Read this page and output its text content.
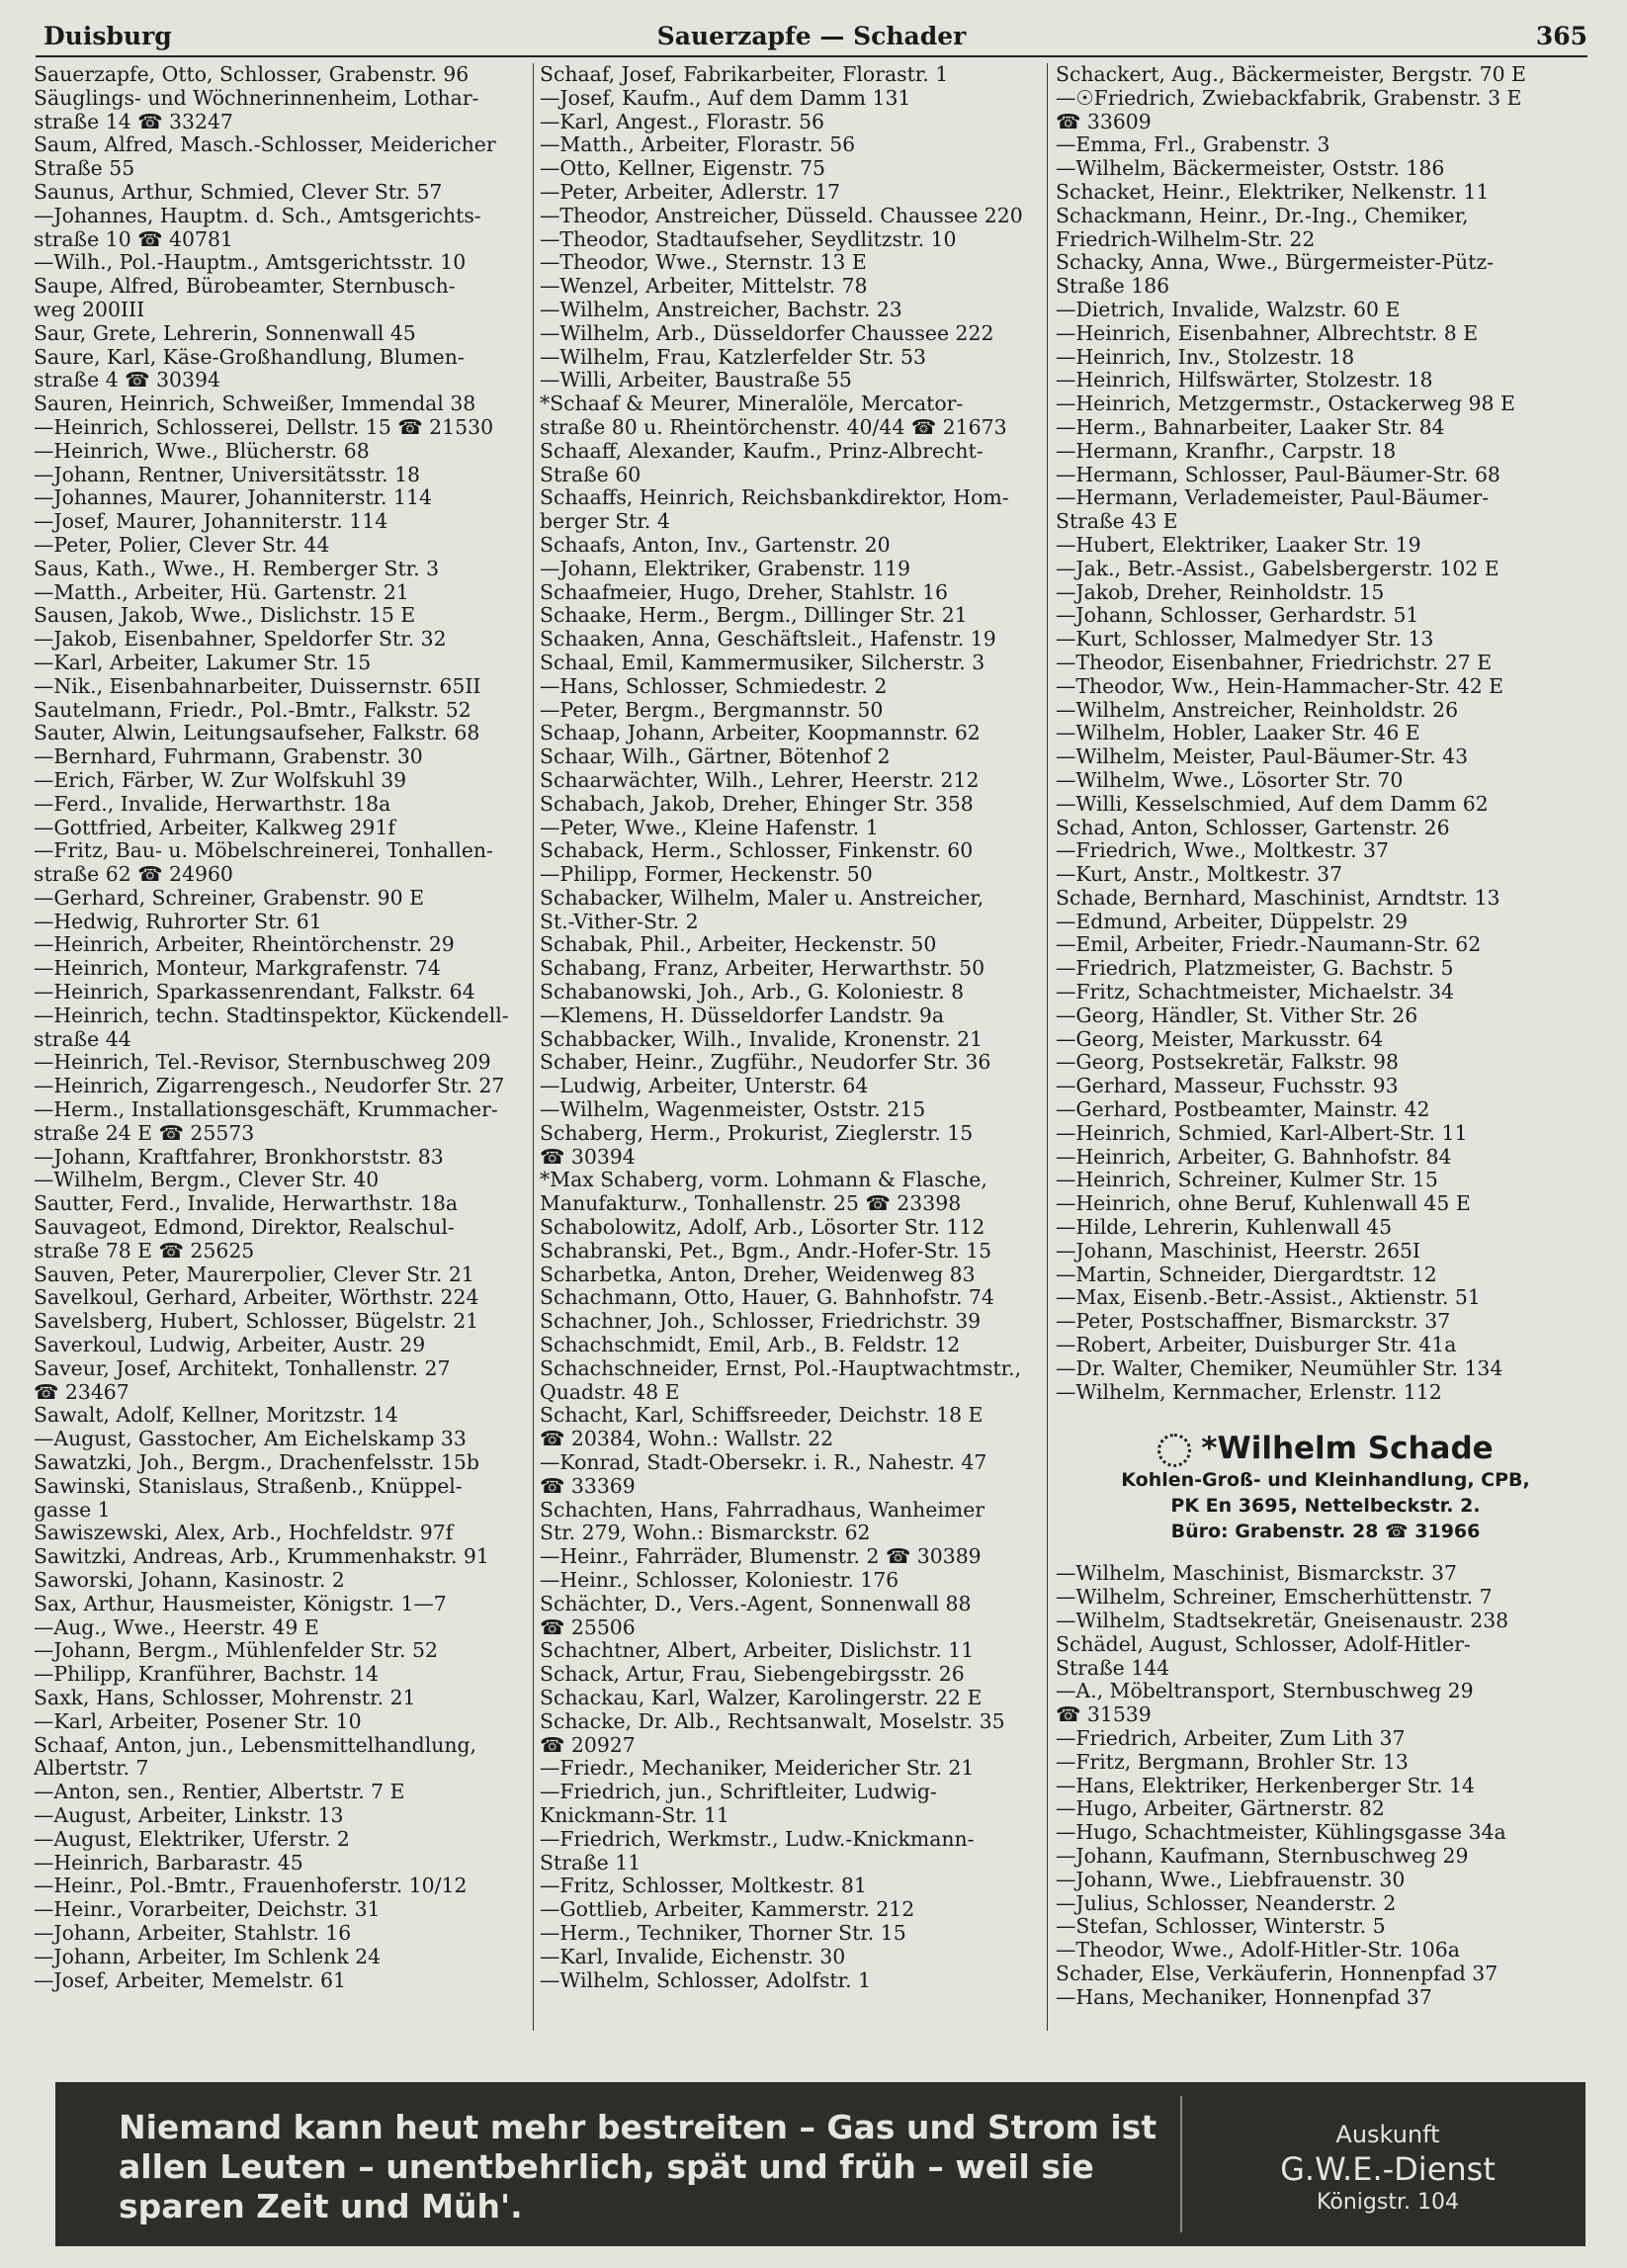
Duisburg	Sauerzapfe — Schader	365
Sauerzapfe, Otto, Schlosser, Grabenstr. 96
Säuglings- und Wöchnerinnenheim, Lothar-
straße 14 ☎ 33247
Saum, Alfred, Masch.-Schlosser, Meidericher
Straße 55
Saunus, Arthur, Schmied, Clever Str. 57
—Johannes, Hauptm. d. Sch., Amtsgerichts-
straße 10 ☎ 40781
—Wilh., Pol.-Hauptm., Amtsgerichtsstr. 10
Saupe, Alfred, Bürobeamter, Sternbusch-
weg 200III
Saur, Grete, Lehrerin, Sonnenwall 45
Saure, Karl, Käse-Großhandlung, Blumen-
straße 4 ☎ 30394
Sauren, Heinrich, Schweißer, Immendal 38
—Heinrich, Schlosserei, Dellstr. 15 ☎ 21530
—Heinrich, Wwe., Blücherstr. 68
—Johann, Rentner, Universitätsstr. 18
—Johannes, Maurer, Johanniterstr. 114
—Josef, Maurer, Johanniterstr. 114
—Peter, Polier, Clever Str. 44
Saus, Kath., Wwe., H. Remberger Str. 3
—Matth., Arbeiter, Hü. Gartenstr. 21
Sausen, Jakob, Wwe., Dislichstr. 15 E
—Jakob, Eisenbahner, Speldorfer Str. 32
—Karl, Arbeiter, Lakumer Str. 15
—Nik., Eisenbahnarbeiter, Duissernstr. 65II
Sautelmann, Friedr., Pol.-Bmtr., Falkstr. 52
Sauter, Alwin, Leitungsaufseher, Falkstr. 68
—Bernhard, Fuhrmann, Grabenstr. 30
—Erich, Färber, W. Zur Wolfskuhl 39
—Ferd., Invalide, Herwarthstr. 18a
—Gottfried, Arbeiter, Kalkweg 291f
—Fritz, Bau- u. Möbelschreinerei, Tonhallen-
straße 62 ☎ 24960
—Gerhard, Schreiner, Grabenstr. 90 E
—Hedwig, Ruhrorter Str. 61
—Heinrich, Arbeiter, Rheintörchenstr. 29
—Heinrich, Monteur, Markgrafenstr. 74
—Heinrich, Sparkassenrendant, Falkstr. 64
—Heinrich, techn. Stadtinspektor, Kückendell-
straße 44
—Heinrich, Tel.-Revisor, Sternbuschweg 209
—Heinrich, Zigarrengesch., Neudorfer Str. 27
—Herm., Installationsgeschäft, Krummacher-
straße 24 E ☎ 25573
—Johann, Kraftfahrer, Bronkhorststr. 83
—Wilhelm, Bergm., Clever Str. 40
Sautter, Ferd., Invalide, Herwarthstr. 18a
Sauvageot, Edmond, Direktor, Realschul-
straße 78 E ☎ 25625
Sauven, Peter, Maurerpolier, Clever Str. 21
Savelkoul, Gerhard, Arbeiter, Wörthstr. 224
Savelsberg, Hubert, Schlosser, Bügelstr. 21
Saverkoul, Ludwig, Arbeiter, Austr. 29
Saveur, Josef, Architekt, Tonhallenstr. 27
☎ 23467
Sawalt, Adolf, Kellner, Moritzstr. 14
—August, Gasstocher, Am Eichelskamp 33
Sawatzki, Joh., Bergm., Drachenfelsstr. 15b
Sawinski, Stanislaus, Straßenb., Knüppel-
gasse 1
Sawiszewski, Alex, Arb., Hochfeldstr. 97f
Sawitzki, Andreas, Arb., Krummenhakstr. 91
Saworski, Johann, Kasinostr. 2
Sax, Arthur, Hausmeister, Königstr. 1—7
—Aug., Wwe., Heerstr. 49 E
—Johann, Bergm., Mühlenfelder Str. 52
—Philipp, Kranführer, Bachstr. 14
Saxk, Hans, Schlosser, Mohrenstr. 21
—Karl, Arbeiter, Posener Str. 10
Schaaf, Anton, jun., Lebensmittelhandlung,
Albertstr. 7
—Anton, sen., Rentier, Albertstr. 7 E
—August, Arbeiter, Linkstr. 13
—August, Elektriker, Uferstr. 2
—Heinrich, Barbarastr. 45
—Heinr., Pol.-Bmtr., Frauenhoferstr. 10/12
—Heinr., Vorarbeiter, Deichstr. 31
—Johann, Arbeiter, Stahlstr. 16
—Johann, Arbeiter, Im Schlenk 24
—Josef, Arbeiter, Memelstr. 61
Schaaf, Josef, Fabrikarbeiter, Florastr. 1
—Josef, Kaufm., Auf dem Damm 131
—Karl, Angest., Florastr. 56
—Matth., Arbeiter, Florastr. 56
—Otto, Kellner, Eigenstr. 75
—Peter, Arbeiter, Adlerstr. 17
—Theodor, Anstreicher, Düsseld. Chaussee 220
—Theodor, Stadtaufseher, Seydlitzstr. 10
—Theodor, Wwe., Sternstr. 13 E
—Wenzel, Arbeiter, Mittelstr. 78
—Wilhelm, Anstreicher, Bachstr. 23
—Wilhelm, Arb., Düsseldorfer Chaussee 222
—Wilhelm, Frau, Katzlerfelder Str. 53
—Willi, Arbeiter, Baustraße 55
*Schaaf & Meurer, Mineralöle, Mercator-
straße 80 u. Rheintörchenstr. 40/44 ☎ 21673
Schaaff, Alexander, Kaufm., Prinz-Albrecht-
Straße 60
Schaaffs, Heinrich, Reichsbankdirektor, Hom-
berger Str. 4
Schaafs, Anton, Inv., Gartenstr. 20
—Johann, Elektriker, Grabenstr. 119
Schaafmeier, Hugo, Dreher, Stahlstr. 16
Schaake, Herm., Bergm., Dillinger Str. 21
Schaaken, Anna, Geschäftsleit., Hafenstr. 19
Schaal, Emil, Kammermusiker, Silcherstr. 3
—Hans, Schlosser, Schmiedestr. 2
—Peter, Bergm., Bergmannstr. 50
Schaap, Johann, Arbeiter, Koopmannstr. 62
Schaar, Wilh., Gärtner, Bötenhof 2
Schaarwächter, Wilh., Lehrer, Heerstr. 212
Schabach, Jakob, Dreher, Ehinger Str. 358
—Peter, Wwe., Kleine Hafenstr. 1
Schaback, Herm., Schlosser, Finkenstr. 60
—Philipp, Former, Heckenstr. 50
Schabacker, Wilhelm, Maler u. Anstreicher,
St.-Vither-Str. 2
Schabak, Phil., Arbeiter, Heckenstr. 50
Schabang, Franz, Arbeiter, Herwarthstr. 50
Schabanowski, Joh., Arb., G. Koloniestr. 8
—Klemens, H. Düsseldorfer Landstr. 9a
Schabbacker, Wilh., Invalide, Kronenstr. 21
Schaber, Heinr., Zugführ., Neudorfer Str. 36
—Ludwig, Arbeiter, Unterstr. 64
—Wilhelm, Wagenmeister, Oststr. 215
Schaberg, Herm., Prokurist, Zieglerstr. 15
☎ 30394
*Max Schaberg, vorm. Lohmann & Flasche,
Manufakturw., Tonhallenstr. 25 ☎ 23398
Schabolowitz, Adolf, Arb., Lösorter Str. 112
Schabranski, Pet., Bgm., Andr.-Hofer-Str. 15
Scharbetka, Anton, Dreher, Weidenweg 83
Schachmann, Otto, Hauer, G. Bahnhofstr. 74
Schachner, Joh., Schlosser, Friedrichstr. 39
Schachschmidt, Emil, Arb., B. Feldstr. 12
Schachschneider, Ernst, Pol.-Hauptwachtmstr.,
Quadstr. 48 E
Schacht, Karl, Schiffsreeder, Deichstr. 18 E
☎ 20384, Wohn.: Wallstr. 22
—Konrad, Stadt-Obersekr. i. R., Nahestr. 47
☎ 33369
Schachten, Hans, Fahrradhaus, Wanheimer
Str. 279, Wohn.: Bismarckstr. 62
—Heinr., Fahrräder, Blumenstr. 2 ☎ 30389
—Heinr., Schlosser, Koloniestr. 176
Schächter, D., Vers.-Agent, Sonnenwall 88
☎ 25506
Schachtner, Albert, Arbeiter, Dislichstr. 11
Schack, Artur, Frau, Siebengebirgsstr. 26
Schackau, Karl, Walzer, Karolingerstr. 22 E
Schacke, Dr. Alb., Rechtsanwalt, Moselstr. 35
☎ 20927
—Friedr., Mechaniker, Meidericher Str. 21
—Friedrich, jun., Schriftleiter, Ludwig-
Knickmann-Str. 11
—Friedrich, Werkmstr., Ludw.-Knickmann-
Straße 11
—Fritz, Schlosser, Moltkestr. 81
—Gottlieb, Arbeiter, Kammerstr. 212
—Herm., Techniker, Thorner Str. 15
—Karl, Invalide, Eichenstr. 30
—Wilhelm, Schlosser, Adolfstr. 1
Schackert, Aug., Bäckermeister, Bergstr. 70 E
—☉Friedrich, Zwiebackfabrik, Grabenstr. 3 E
☎ 33609
—Emma, Frl., Grabenstr. 3
—Wilhelm, Bäckermeister, Oststr. 186
Schacket, Heinr., Elektriker, Nelkenstr. 11
Schackmann, Heinr., Dr.-Ing., Chemiker,
Friedrich-Wilhelm-Str. 22
Schacky, Anna, Wwe., Bürgermeister-Pütz-
Straße 186
—Dietrich, Invalide, Walzstr. 60 E
—Heinrich, Eisenbahner, Albrechtstr. 8 E
—Heinrich, Inv., Stolzestr. 18
—Heinrich, Hilfswärter, Stolzestr. 18
—Heinrich, Metzgermstr., Ostackerweg 98 E
—Herm., Bahnarbeiter, Laaker Str. 84
—Hermann, Kranfhr., Carpstr. 18
—Hermann, Schlosser, Paul-Bäumer-Str. 68
—Hermann, Verlademeister, Paul-Bäumer-
Straße 43 E
—Hubert, Elektriker, Laaker Str. 19
—Jak., Betr.-Assist., Gabelsbergerstr. 102 E
—Jakob, Dreher, Reinholdstr. 15
—Johann, Schlosser, Gerhardstr. 51
—Kurt, Schlosser, Malmedyer Str. 13
—Theodor, Eisenbahner, Friedrichstr. 27 E
—Theodor, Ww., Hein-Hammacher-Str. 42 E
—Wilhelm, Anstreicher, Reinholdstr. 26
—Wilhelm, Hobler, Laaker Str. 46 E
—Wilhelm, Meister, Paul-Bäumer-Str. 43
—Wilhelm, Wwe., Lösorter Str. 70
—Willi, Kesselschmied, Auf dem Damm 62
Schad, Anton, Schlosser, Gartenstr. 26
—Friedrich, Wwe., Moltkestr. 37
—Kurt, Anstr., Moltkestr. 37
Schade, Bernhard, Maschinist, Arndtstr. 13
—Edmund, Arbeiter, Düppelstr. 29
—Emil, Arbeiter, Friedr.-Naumann-Str. 62
—Friedrich, Platzmeister, G. Bachstr. 5
—Fritz, Schachtmeister, Michaelstr. 34
—Georg, Händler, St. Vither Str. 26
—Georg, Meister, Markusstr. 64
—Georg, Postsekretär, Falkstr. 98
—Gerhard, Masseur, Fuchsstr. 93
—Gerhard, Postbeamter, Mainstr. 42
—Heinrich, Schmied, Karl-Albert-Str. 11
—Heinrich, Arbeiter, G. Bahnhofstr. 84
—Heinrich, Schreiner, Kulmer Str. 15
—Heinrich, ohne Beruf, Kuhlenwall 45 E
—Hilde, Lehrerin, Kuhlenwall 45
—Johann, Maschinist, Heerstr. 265I
—Martin, Schneider, Diergardtstr. 12
—Max, Eisenb.-Betr.-Assist., Aktienstr. 51
—Peter, Postschaffner, Bismarckstr. 37
—Robert, Arbeiter, Duisburger Str. 41a
—Dr. Walter, Chemiker, Neumühler Str. 134
—Wilhelm, Kernmacher, Erlenstr. 112
*Wilhelm Schade
Kohlen-Groß- und Kleinhandlung, CPB,
PK En 3695, Nettelbeckstr. 2.
Büro: Grabenstr. 28 ☎ 31966
—Wilhelm, Maschinist, Bismarckstr. 37
—Wilhelm, Schreiner, Emscherhüttenstr. 7
—Wilhelm, Stadtsekretär, Gneisenaustr. 238
Schädel, August, Schlosser, Adolf-Hitler-
Straße 144
—A., Möbeltransport, Sternbuschweg 29
☎ 31539
—Friedrich, Arbeiter, Zum Lith 37
—Fritz, Bergmann, Brohler Str. 13
—Hans, Elektriker, Herkenberger Str. 14
—Hugo, Arbeiter, Gärtnerstr. 82
—Hugo, Schachtmeister, Kühlingsgasse 34a
—Johann, Kaufmann, Sternbuschweg 29
—Johann, Wwe., Liebfrauenstr. 30
—Julius, Schlosser, Neanderstr. 2
—Stefan, Schlosser, Winterstr. 5
—Theodor, Wwe., Adolf-Hitler-Str. 106a
Schader, Else, Verkäuferin, Honnenpfad 37
—Hans, Mechaniker, Honnenpfad 37
Niemand kann heut mehr bestreiten – Gas und Strom ist
allen Leuten – unentbehrlich, spät und früh – weil sie
sparen Zeit und Müh'.
Auskunft
G.W.E.-Dienst
Königstr. 104
